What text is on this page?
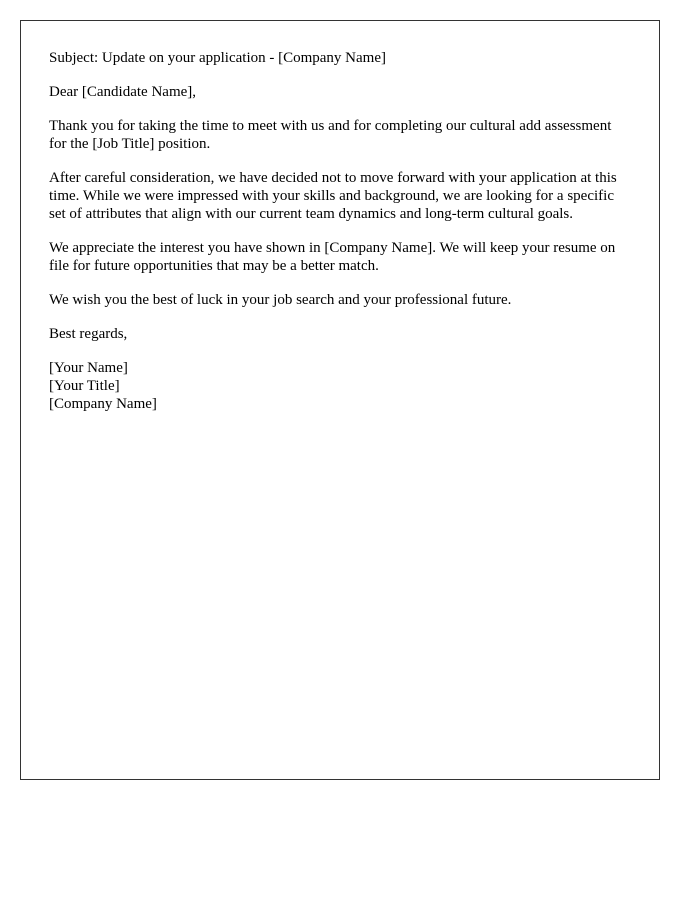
Subject: Update on your application - [Company Name]

Dear [Candidate Name],

Thank you for taking the time to meet with us and for completing our cultural add assessment for the [Job Title] position.

After careful consideration, we have decided not to move forward with your application at this time. While we were impressed with your skills and background, we are looking for a specific set of attributes that align with our current team dynamics and long-term cultural goals.

We appreciate the interest you have shown in [Company Name]. We will keep your resume on file for future opportunities that may be a better match.

We wish you the best of luck in your job search and your professional future.

Best regards,

[Your Name]
[Your Title]
[Company Name]
